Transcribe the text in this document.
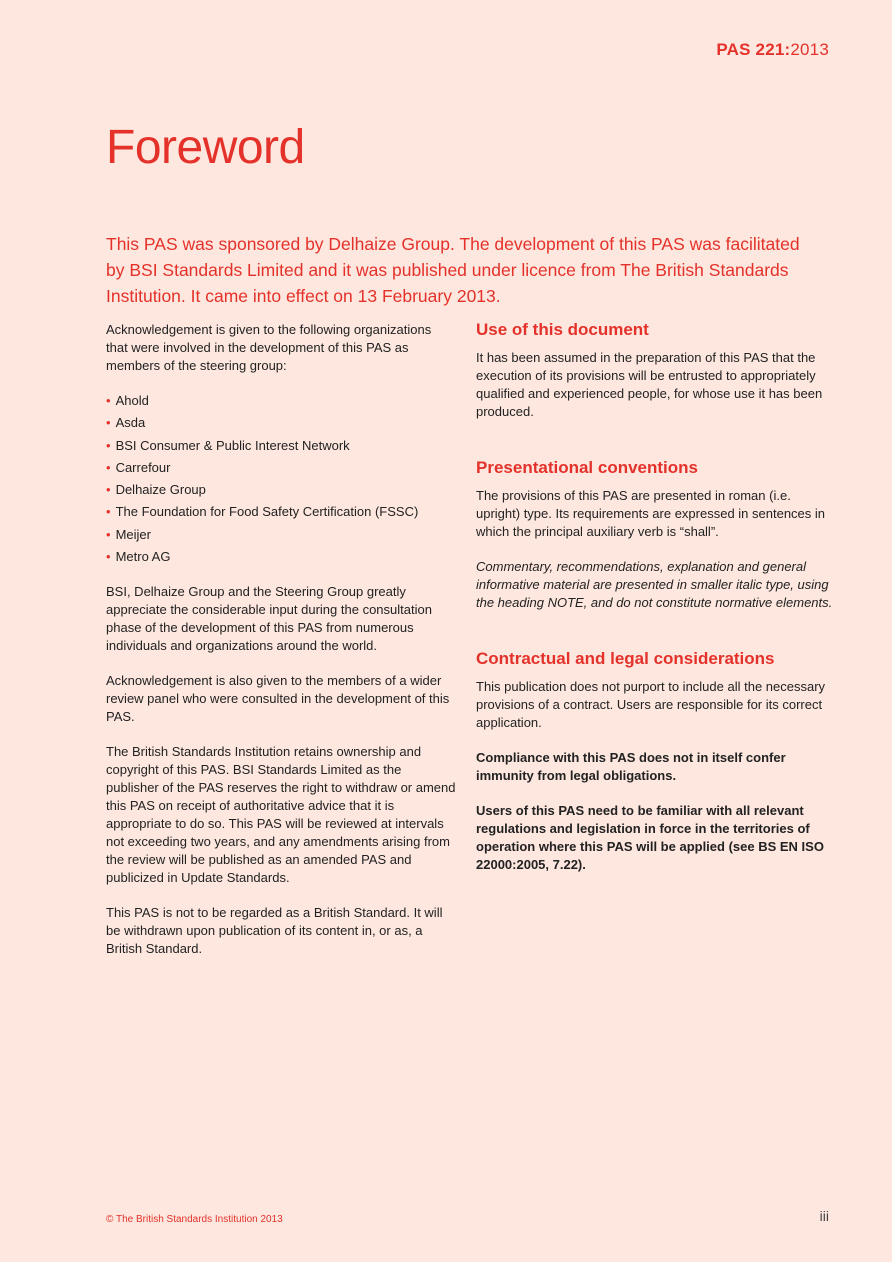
PAS 221:2013
Foreword

This PAS was sponsored by Delhaize Group. The development of this PAS was facilitated by BSI Standards Limited and it was published under licence from The British Standards Institution. It came into effect on 13 February 2013.

Acknowledgement is given to the following organizations that were involved in the development of this PAS as members of the steering group:

• Ahold
• Asda
• BSI Consumer & Public Interest Network
• Carrefour
• Delhaize Group
• The Foundation for Food Safety Certification (FSSC)
• Meijer
• Metro AG

BSI, Delhaize Group and the Steering Group greatly appreciate the considerable input during the consultation phase of the development of this PAS from numerous individuals and organizations around the world.

Acknowledgement is also given to the members of a wider review panel who were consulted in the development of this PAS.

The British Standards Institution retains ownership and copyright of this PAS. BSI Standards Limited as the publisher of the PAS reserves the right to withdraw or amend this PAS on receipt of authoritative advice that it is appropriate to do so. This PAS will be reviewed at intervals not exceeding two years, and any amendments arising from the review will be published as an amended PAS and publicized in Update Standards.

This PAS is not to be regarded as a British Standard. It will be withdrawn upon publication of its content in, or as, a British Standard.

Use of this document

It has been assumed in the preparation of this PAS that the execution of its provisions will be entrusted to appropriately qualified and experienced people, for whose use it has been produced.

Presentational conventions

The provisions of this PAS are presented in roman (i.e. upright) type. Its requirements are expressed in sentences in which the principal auxiliary verb is “shall”.

Commentary, recommendations, explanation and general informative material are presented in smaller italic type, using the heading NOTE, and do not constitute normative elements.

Contractual and legal considerations

This publication does not purport to include all the necessary provisions of a contract. Users are responsible for its correct application.

Compliance with this PAS does not in itself confer immunity from legal obligations.

Users of this PAS need to be familiar with all relevant regulations and legislation in force in the territories of operation where this PAS will be applied (see BS EN ISO 22000:2005, 7.22).

© The British Standards Institution 2013	iii
